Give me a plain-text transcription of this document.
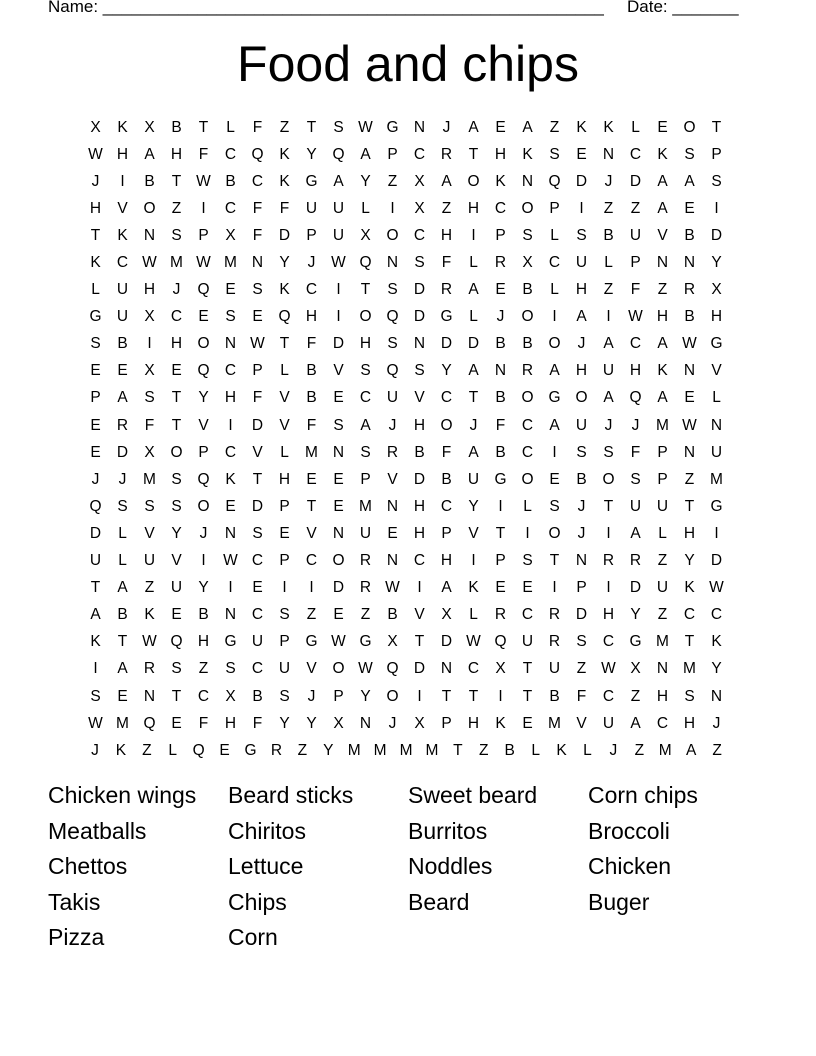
Name: _____________________________________________________ Date: _______
Food and chips
X	K	X	B	T	L	F	Z	T	S W G N	J	A	E	A	Z	K	K	L	E	O	T
W H	A	H	F	C Q	K	Y	Q	A	P	C	R	T	H	K	S	E	N	C	K	S	P
J	I	B	T W B	C	K	G	A	Y	Z	X	A	O	K	N Q D	J	D	A	A	S
H	V	O	Z	I	C	F	F	U	U	L	I	X	Z	H	C O	P	I	Z	Z	A	E	I
T	K	N	S	P	X	F	D	P	U	X	O C	H	I	P	S	L	S	B	U	V	B	D
K	C W M W M N	Y	J	W Q N	S	F	L	R	X	C	U	L	P	N	N	Y
L	U	H	J	Q	E	S	K	C	I	T	S	D	R	A	E	B	L	H	Z	F	Z	R	X
G U	X	C	E	S	E	Q H	I	O Q D G	L	J	O	I	A	I	W H	B	H
S	B	I	H O N W T	F	D	H	S	N	D	D	B	B	O	J	A	C	A W G
E	E	X	E	Q C	P	L	B	V	S	Q	S	Y	A	N	R	A	H	U	H	K	N	V
P	A	S	T	Y	H	F	V	B	E	C	U	V	C	T	B	O G O	A	Q	A	E	L
E	R	F	T	V	I	D	V	F	S	A	J	H O	J	F	C	A	U	J	J	M W N
E	D	X	O	P	C	V	L	M N	S	R	B	F	A	B	C	I	S	S	F	P	N	U
J	J	M S	Q	K	T	H	E	E	P	V	D	B	U G O	E	B	O	S	P	Z	M
Q	S	S	S	O	E	D	P	T	E M N	H	C	Y	I	L	S	J	T	U	U	T	G
D	L	V	Y	J	N	S	E	V	N	U	E	H	P	V	T	I	O	J	I	A	L	H	I
U	L	U	V	I	W C	P	C O R	N	C	H	I	P	S	T	N	R	R	Z	Y	D
T	A	Z	U	Y	I	E	I	I	D	R W	I	A	K	E	E	I	P	I	D	U	K W
A	B	K	E	B	N	C	S	Z	E	Z	B	V	X	L	R	C	R	D	H	Y	Z	C	C
K	T W Q H G U	P	G W G	X	T	D W Q U	R	S	C G M	T	K
I	A	R	S	Z	S	C	U	V	O W Q D	N	C	X	T	U	Z W X	N M Y
S	E	N	T	C	X	B	S	J	P	Y	O	I	T	T	I	T	B	F	C	Z	H	S	N
W M Q	E	F	H	F	Y	Y	X	N	J	X	P	H	K	E M V	U	A	C	H	J
J	K	Z	L	Q E G R	Z	Y M M M M T	Z	B	L	K	L	J	Z M A	Z
Chicken wings	Beard sticks	Sweet beard	Corn chips
Meatballs	Chiritos	Burritos	Broccoli
Chettos	Lettuce	Noddles	Chicken
Takis	Chips	Beard	Buger
Pizza	Corn
